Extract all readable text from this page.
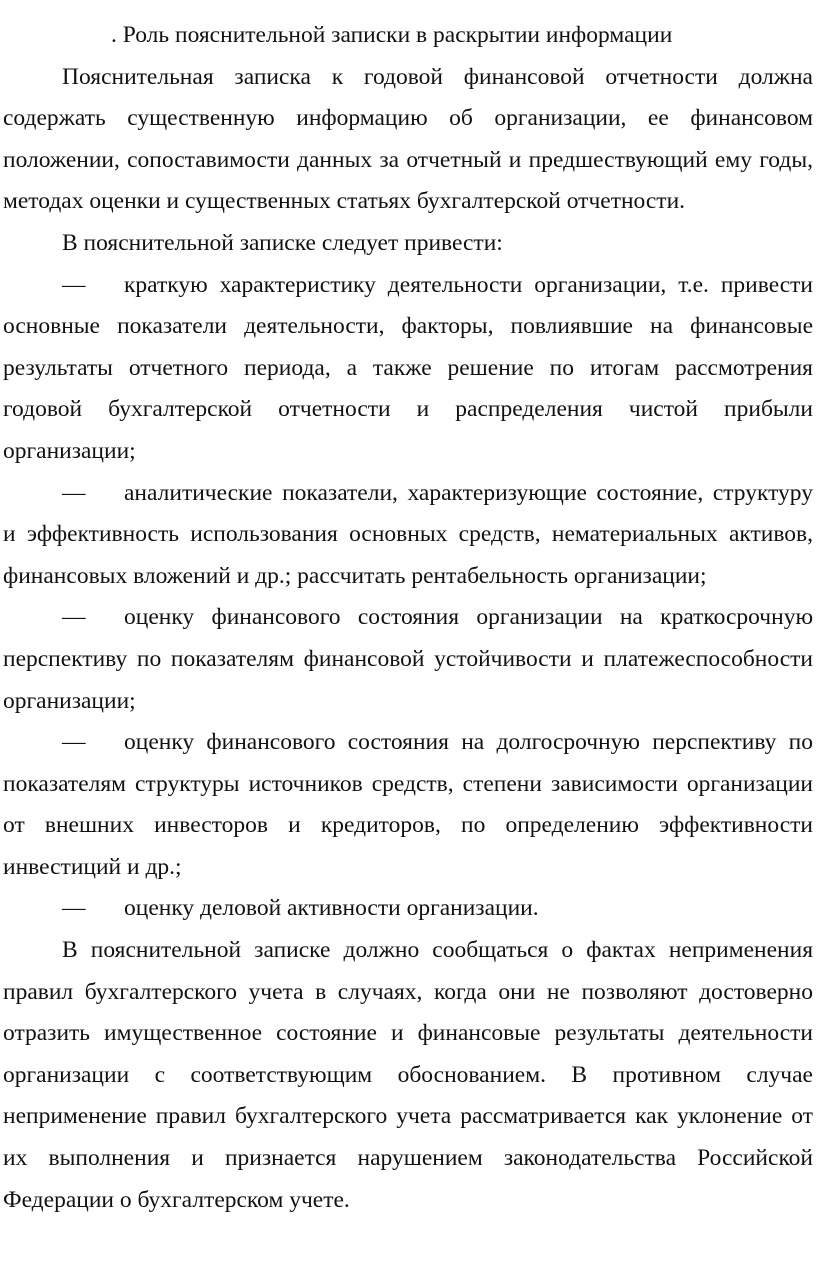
. Роль пояснительной записки в раскрытии информации

Пояснительная записка к годовой финансовой отчетности должна содержать существенную информацию об организации, ее финансовом положении, сопоставимости данных за отчетный и предшествующий ему годы, методах оценки и существенных статьях бухгалтерской отчетности.

В пояснительной записке следует привести:

— краткую характеристику деятельности организации, т.е. привести основные показатели деятельности, факторы, повлиявшие на финансовые результаты отчетного периода, а также решение по итогам рассмотрения годовой бухгалтерской отчетности и распределения чистой прибыли организации;

— аналитические показатели, характеризующие состояние, структуру и эффективность использования основных средств, нематериальных активов, финансовых вложений и др.; рассчитать рентабельность организации;

— оценку финансового состояния организации на краткосрочную перспективу по показателям финансовой устойчивости и платежеспособности организации;

— оценку финансового состояния на долгосрочную перспективу по показателям структуры источников средств, степени зависимости организации от внешних инвесторов и кредиторов, по определению эффективности инвестиций и др.;

— оценку деловой активности организации.

В пояснительной записке должно сообщаться о фактах неприменения правил бухгалтерского учета в случаях, когда они не позволяют достоверно отразить имущественное состояние и финансовые результаты деятельности организации с соответствующим обоснованием. В противном случае неприменение правил бухгалтерского учета рассматривается как уклонение от их выполнения и признается нарушением законодательства Российской Федерации о бухгалтерском учете.
